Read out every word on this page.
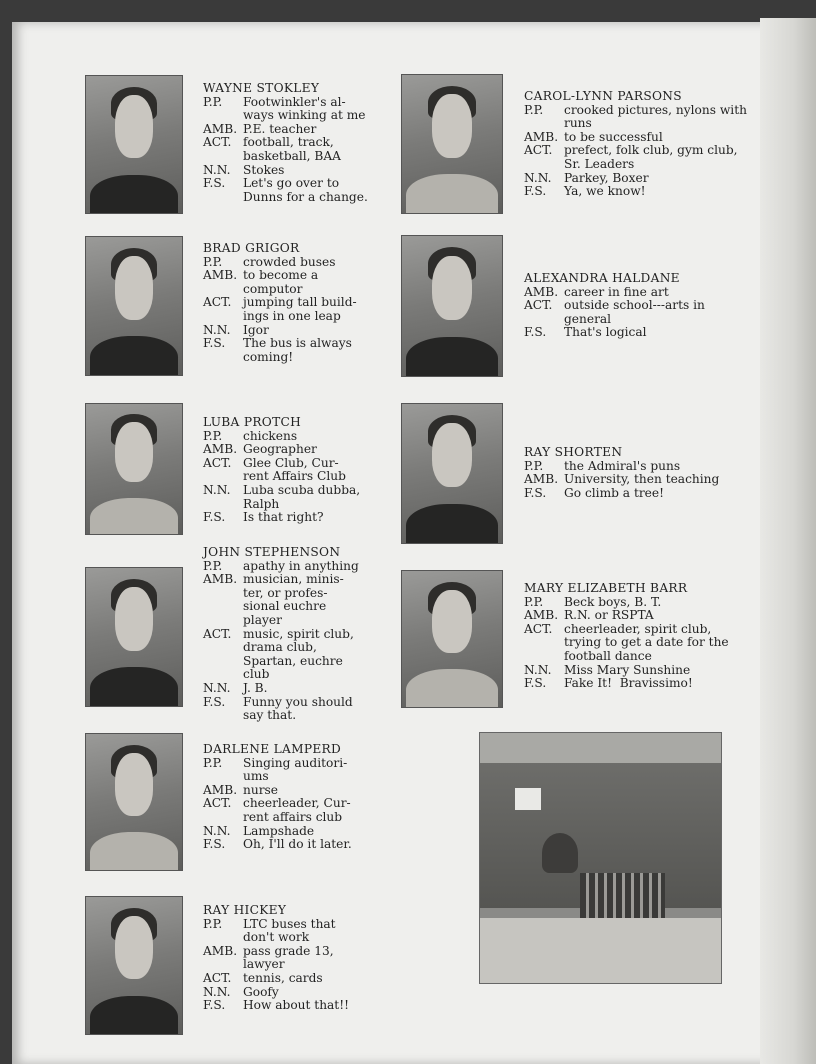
WAYNE STOKLEY
P.P.	Footwinkler's al-
ways winking at me
AMB. P.E. teacher
ACT. football, track,
basketball, BAA
N.N.	Stokes
F.S.	Let's go over to
Dunns for a change.
CAROL-LYNN PARSONS
P.P.	crooked pictures, nylons with
runs
AMB. to be successful
ACT. prefect, folk club, gym club,
Sr. Leaders
N.N.	Parkey, Boxer
F.S.	Ya, we know!
BRAD GRIGOR
P.P.	crowded buses
AMB. to become a
computor
ACT. jumping tall build-
ings in one leap
N.N.	Igor
F.S.	The bus is always
coming!
ALEXANDRA HALDANE
AMB. career in fine art
ACT. outside school---arts in
general
F.S.	That's logical
LUBA PROTCH
P.P.	chickens
AMB. Geographer
ACT. Glee Club, Cur-
rent Affairs Club
N.N.	Luba scuba dubba,
Ralph
F.S.	Is that right?
RAY SHORTEN
P.P.	the Admiral's puns
AMB. University, then teaching
F.S.	Go climb a tree!
JOHN STEPHENSON
P.P.	apathy in anything
AMB. musician, minis-
ter, or profes-
sional euchre
player
ACT. music, spirit club,
drama club,
Spartan, euchre
club
N.N.	J. B.
F.S.	Funny you should
say that.
MARY ELIZABETH BARR
P.P.	Beck boys, B. T.
AMB. R.N. or RSPTA
ACT. cheerleader, spirit club,
trying to get a date for the
football dance
N.N.	Miss Mary Sunshine
F.S.	Fake It!  Bravissimo!
DARLENE LAMPERD
P.P.	Singing auditori-
ums
AMB. nurse
ACT. cheerleader, Cur-
rent affairs club
N.N.	Lampshade
F.S.	Oh, I'll do it later.
RAY HICKEY
P.P.	LTC buses that
don't work
AMB. pass grade 13,
lawyer
ACT. tennis, cards
N.N.	Goofy
F.S.	How about that!!
